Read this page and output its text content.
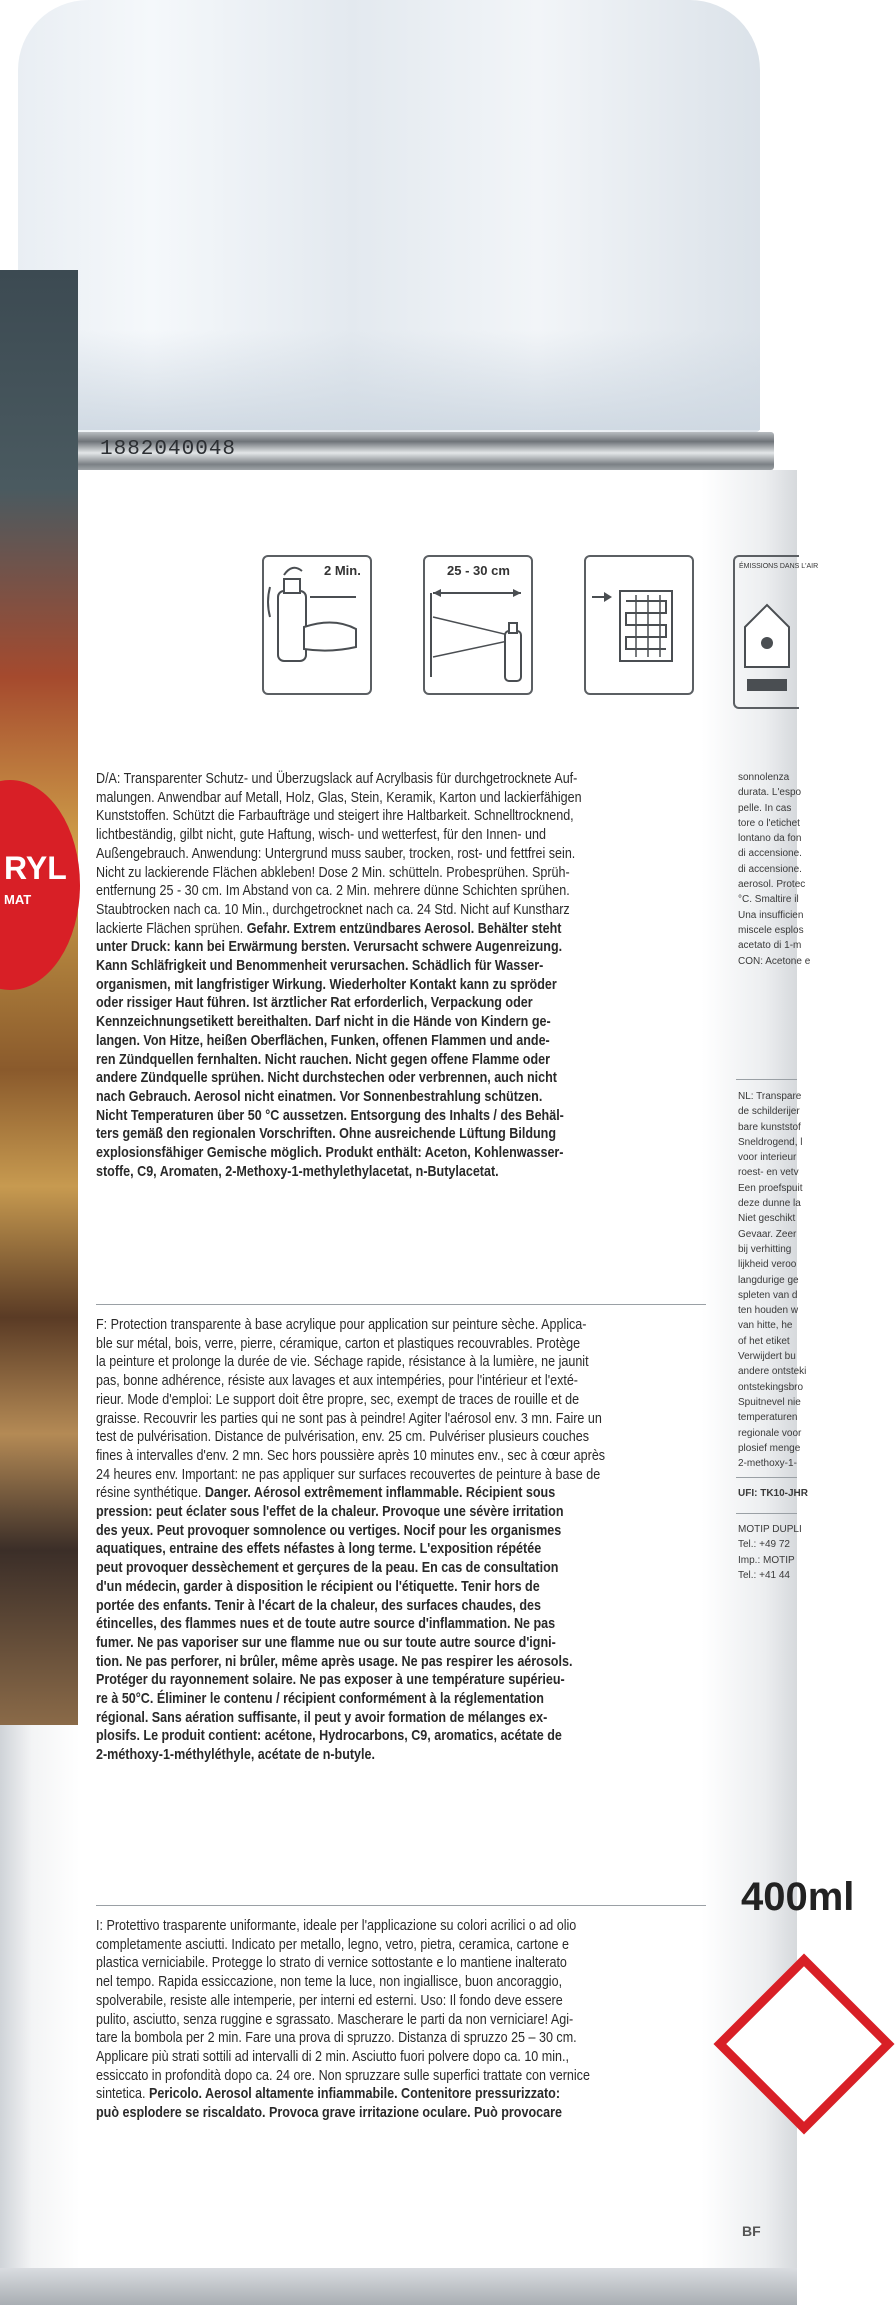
1882040048
RYL
MAT
2 Min.	25 - 30 cm	ÉMISSIONS DANS L'AIR
D/A: Transparenter Schutz- und Überzugslack auf Acrylbasis für durchgetrocknete Auf-
malungen. Anwendbar auf Metall, Holz, Glas, Stein, Keramik, Karton und lackierfähigen
Kunststoffen. Schützt die Farbaufträge und steigert ihre Haltbarkeit. Schnelltrocknend,
lichtbeständig, gilbt nicht, gute Haftung, wisch- und wetterfest, für den Innen- und
Außengebrauch. Anwendung: Untergrund muss sauber, trocken, rost- und fettfrei sein.
Nicht zu lackierende Flächen abkleben! Dose 2 Min. schütteln. Probesprühen. Sprüh-
entfernung 25 - 30 cm. Im Abstand von ca. 2 Min. mehrere dünne Schichten sprühen.
Staubtrocken nach ca. 10 Min., durchgetrocknet nach ca. 24 Std. Nicht auf Kunstharz
lackierte Flächen sprühen. Gefahr. Extrem entzündbares Aerosol. Behälter steht
unter Druck: kann bei Erwärmung bersten. Verursacht schwere Augenreizung.
Kann Schläfrigkeit und Benommenheit verursachen. Schädlich für Wasser-
organismen, mit langfristiger Wirkung. Wiederholter Kontakt kann zu spröder
oder rissiger Haut führen. Ist ärztlicher Rat erforderlich, Verpackung oder
Kennzeichnungsetikett bereithalten. Darf nicht in die Hände von Kindern ge-
langen. Von Hitze, heißen Oberflächen, Funken, offenen Flammen und ande-
ren Zündquellen fernhalten. Nicht rauchen. Nicht gegen offene Flamme oder
andere Zündquelle sprühen. Nicht durchstechen oder verbrennen, auch nicht
nach Gebrauch. Aerosol nicht einatmen. Vor Sonnenbestrahlung schützen.
Nicht Temperaturen über 50 °C aussetzen. Entsorgung des Inhalts / des Behäl-
ters gemäß den regionalen Vorschriften. Ohne ausreichende Lüftung Bildung
explosionsfähiger Gemische möglich. Produkt enthält: Aceton, Kohlenwasser-
stoffe, C9, Aromaten, 2-Methoxy-1-methylethylacetat, n-Butylacetat.
F: Protection transparente à base acrylique pour application sur peinture sèche. Applica-
ble sur métal, bois, verre, pierre, céramique, carton et plastiques recouvrables. Protège
la peinture et prolonge la durée de vie. Séchage rapide, résistance à la lumière, ne jaunit
pas, bonne adhérence, résiste aux lavages et aux intempéries, pour l'intérieur et l'exté-
rieur. Mode d'emploi: Le support doit être propre, sec, exempt de traces de rouille et de
graisse. Recouvrir les parties qui ne sont pas à peindre! Agiter l'aérosol env. 3 mn. Faire un
test de pulvérisation. Distance de pulvérisation, env. 25 cm. Pulvériser plusieurs couches
fines à intervalles d'env. 2 mn. Sec hors poussière après 10 minutes env., sec à cœur après
24 heures env. Important: ne pas appliquer sur surfaces recouvertes de peinture à base de
résine synthétique. Danger. Aérosol extrêmement inflammable. Récipient sous
pression: peut éclater sous l'effet de la chaleur. Provoque une sévère irritation
des yeux. Peut provoquer somnolence ou vertiges. Nocif pour les organismes
aquatiques, entraine des effets néfastes à long terme. L'exposition répétée
peut provoquer dessèchement et gerçures de la peau. En cas de consultation
d'un médecin, garder à disposition le récipient ou l'étiquette. Tenir hors de
portée des enfants. Tenir à l'écart de la chaleur, des surfaces chaudes, des
étincelles, des flammes nues et de toute autre source d'inflammation. Ne pas
fumer. Ne pas vaporiser sur une flamme nue ou sur toute autre source d'igni-
tion. Ne pas perforer, ni brûler, même après usage. Ne pas respirer les aérosols.
Protéger du rayonnement solaire. Ne pas exposer à une température supérieu-
re à 50°C. Éliminer le contenu / récipient conformément à la réglementation
régional. Sans aération suffisante, il peut y avoir formation de mélanges ex-
plosifs. Le produit contient: acétone, Hydrocarbons, C9, aromatics, acétate de
2-méthoxy-1-méthyléthyle, acétate de n-butyle.
I: Protettivo trasparente uniformante, ideale per l'applicazione su colori acrilici o ad olio
completamente asciutti. Indicato per metallo, legno, vetro, pietra, ceramica, cartone e
plastica verniciabile. Protegge lo strato di vernice sottostante e lo mantiene inalterato
nel tempo. Rapida essiccazione, non teme la luce, non ingiallisce, buon ancoraggio,
spolverabile, resiste alle intemperie, per interni ed esterni. Uso: Il fondo deve essere
pulito, asciutto, senza ruggine e sgrassato. Mascherare le parti da non verniciare! Agi-
tare la bombola per 2 min. Fare una prova di spruzzo. Distanza di spruzzo 25 – 30 cm.
Applicare più strati sottili ad intervalli di 2 min. Asciutto fuori polvere dopo ca. 10 min.,
essiccato in profondità dopo ca. 24 ore. Non spruzzare sulle superfici trattate con vernice
sintetica. Pericolo. Aerosol altamente infiammabile. Contenitore pressurizzato:
può esplodere se riscaldato. Provoca grave irritazione oculare. Può provocare
sonnolenza
durata. L'espo
pelle. In cas
tore o l'etichet
lontano da fon
di accensione.
di accensione.
aerosol. Protec
°C. Smaltire il
Una insufficien
miscele esplos
acetato di 1-m
CON: Acetone e
NL: Transpare
de schilderijer
bare kunststof
Sneldrogend, l
voor interieur
roest- en vetv
Een proefspuit
deze dunne la
Niet geschikt
Gevaar. Zeer
bij verhitting
lijkheid veroo
langdurige ge
spleten van d
ten houden w
van hitte, he
of het etiket
Verwijdert bu
andere ontsteki
ontstekingsbro
Spuitnevel nie
temperaturen
regionale voor
plosief menge
2-methoxy-1-
UFI: TK10-JHR
MOTIP DUPLI
Tel.: +49 72
Imp.: MOTIP
Tel.: +41 44
400ml
BF
